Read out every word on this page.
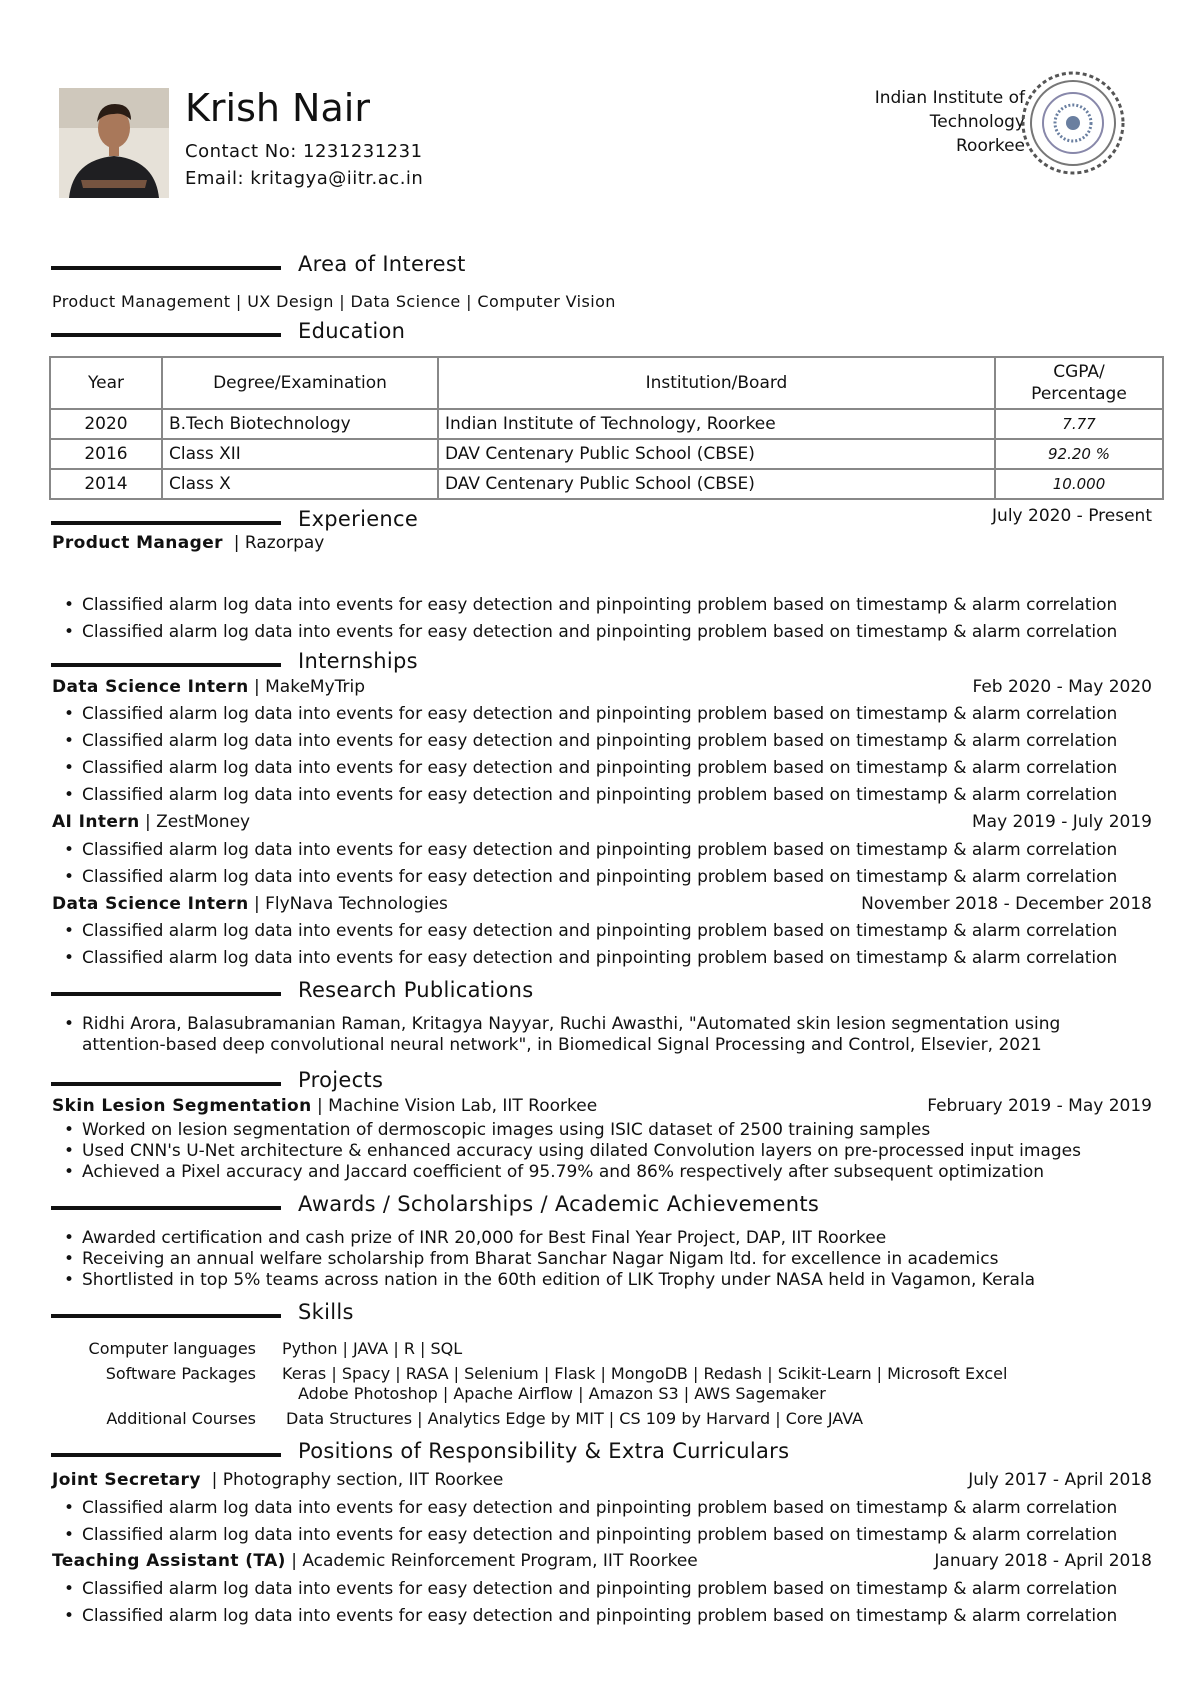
Krish Nair
Contact No: 1231231231
Email: kritagya@iitr.ac.in
Indian Institute of
Technology
Roorkee
Area of Interest
Product Management | UX Design | Data Science | Computer Vision
Education
Year	Degree/Examination	Institution/Board	CGPA/
Percentage

2020	B.Tech Biotechnology	Indian Institute of Technology, Roorkee	7.77
2016	Class XII	DAV Centenary Public School (CBSE)	92.20 %
2014	Class X	DAV Centenary Public School (CBSE)	10.000
Experience	July 2020 - Present
Product Manager | Razorpay
• Classified alarm log data into events for easy detection and pinpointing problem based on timestamp & alarm correlation
• Classified alarm log data into events for easy detection and pinpointing problem based on timestamp & alarm correlation
Internships
Data Science Intern | MakeMyTrip	Feb 2020 - May 2020
• Classified alarm log data into events for easy detection and pinpointing problem based on timestamp & alarm correlation
• Classified alarm log data into events for easy detection and pinpointing problem based on timestamp & alarm correlation
• Classified alarm log data into events for easy detection and pinpointing problem based on timestamp & alarm correlation
• Classified alarm log data into events for easy detection and pinpointing problem based on timestamp & alarm correlation
AI Intern | ZestMoney	May 2019 - July 2019
• Classified alarm log data into events for easy detection and pinpointing problem based on timestamp & alarm correlation
• Classified alarm log data into events for easy detection and pinpointing problem based on timestamp & alarm correlation
Data Science Intern | FlyNava Technologies	November 2018 - December 2018
• Classified alarm log data into events for easy detection and pinpointing problem based on timestamp & alarm correlation
• Classified alarm log data into events for easy detection and pinpointing problem based on timestamp & alarm correlation
Research Publications
• Ridhi Arora, Balasubramanian Raman, Kritagya Nayyar, Ruchi Awasthi, "Automated skin lesion segmentation using attention-based deep convolutional neural network", in Biomedical Signal Processing and Control, Elsevier, 2021
Projects
Skin Lesion Segmentation | Machine Vision Lab, IIT Roorkee	February 2019 - May 2019
• Worked on lesion segmentation of dermoscopic images using ISIC dataset of 2500 training samples
• Used CNN's U-Net architecture & enhanced accuracy using dilated Convolution layers on pre-processed input images
• Achieved a Pixel accuracy and Jaccard coefficient of 95.79% and 86% respectively after subsequent optimization
Awards / Scholarships / Academic Achievements
• Awarded certification and cash prize of INR 20,000 for Best Final Year Project, DAP, IIT Roorkee
• Receiving an annual welfare scholarship from Bharat Sanchar Nagar Nigam ltd. for excellence in academics
• Shortlisted in top 5% teams across nation in the 60th edition of LIK Trophy under NASA held in Vagamon, Kerala
Skills
Computer languages Python | JAVA | R | SQL
Software Packages Keras | Spacy | RASA | Selenium | Flask | MongoDB | Redash | Scikit-Learn | Microsoft Excel
Adobe Photoshop | Apache Airflow | Amazon S3 | AWS Sagemaker
Additional Courses Data Structures | Analytics Edge by MIT | CS 109 by Harvard | Core JAVA
Positions of Responsibility & Extra Curriculars
Joint Secretary | Photography section, IIT Roorkee	July 2017 - April 2018
• Classified alarm log data into events for easy detection and pinpointing problem based on timestamp & alarm correlation
• Classified alarm log data into events for easy detection and pinpointing problem based on timestamp & alarm correlation
Teaching Assistant (TA) | Academic Reinforcement Program, IIT Roorkee	January 2018 - April 2018
• Classified alarm log data into events for easy detection and pinpointing problem based on timestamp & alarm correlation
• Classified alarm log data into events for easy detection and pinpointing problem based on timestamp & alarm correlation
